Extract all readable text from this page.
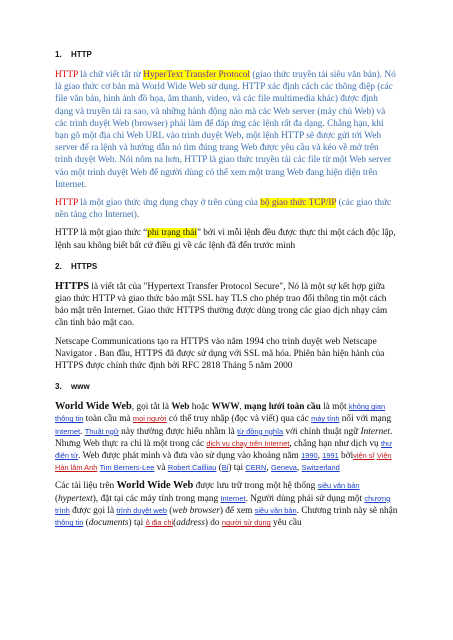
1. HTTP

HTTP là chữ viết tắt từ HyperText Transfer Protocol (giao thức truyền tải siêu văn bản). Nó là giao thức cơ bản mà World Wide Web sử dụng. HTTP xác định cách các thông điệp (các file văn bản, hình ảnh đồ họa, âm thanh, video, và các file multimedia khác) được định dạng và truyền tải ra sao, và những hành động nào mà các Web server (máy chủ Web) và các trình duyệt Web (browser) phải làm để đáp ứng các lệnh rất đa dạng. Chẳng hạn, khi bạn gõ một địa chỉ Web URL vào trình duyệt Web, một lệnh HTTP sẽ được gửi tới Web server để ra lệnh và hướng dẫn nó tìm đúng trang Web được yêu cầu và kéo về mở trên trình duyệt Web. Nói nôm na hơn, HTTP là giao thức truyền tải các file từ một Web server vào một trình duyệt Web để người dùng có thể xem một trang Web đang hiện diện trên Internet.

HTTP là một giao thức ứng dụng chạy ở trên cùng của bộ giao thức TCP/IP (các giao thức nền tảng cho Internet).

HTTP là một giao thức “phi trạng thái” bởi vì mỗi lệnh đều được thực thi một cách độc lập, lệnh sau không biết bất cứ điều gì về các lệnh đã đến trước mình

2. HTTPS

HTTPS là viết tắt của "Hypertext Transfer Protocol Secure", Nó là một sự kết hợp giữa giao thức HTTP và giao thức bảo mật SSL hay TLS cho phép trao đổi thông tin một cách bảo mật trên Internet. Giao thức HTTPS thường được dùng trong các giao dịch nhạy cảm cần tính bảo mật cao.

Netscape Communications tạo ra HTTPS vào năm 1994 cho trình duyệt web Netscape Navigator . Ban đầu, HTTPS đã được sử dụng với SSL mã hóa. Phiên bản hiện hành của HTTPS được chính thức định bởi RFC 2818 Tháng 5 năm 2000

3. www

World Wide Web, gọi tắt là Web hoặc WWW, mạng lưới toàn cầu là một không gian thông tin toàn cầu mà mọi người có thể truy nhập (đọc và viết) qua các máy tính nối với mạng Internet. Thuật ngữ này thường được hiểu nhầm là từ đồng nghĩa với chính thuật ngữ Internet. Nhưng Web thực ra chỉ là một trong các dịch vụ chạy trên Internet, chẳng hạn như dịch vụ thư điện tử. Web được phát minh và đưa vào sử dụng vào khoảng năm 1990, 1991 bởiviện sĩ Viện Hàn lâm Anh Tim Berners-Lee và Robert Cailliau (Bỉ) tại CERN, Geneva, Switzerland

Các tài liệu trên World Wide Web được lưu trữ trong một hệ thống siêu văn bản (hypertext), đặt tại các máy tính trong mạng Internet. Người dùng phải sử dụng một chương trình được gọi là trình duyệt web (web browser) để xem siêu văn bản. Chương trình này sẽ nhận thông tin (documents) tại ô địa chỉ(address) do người sử dụng yêu cầu
